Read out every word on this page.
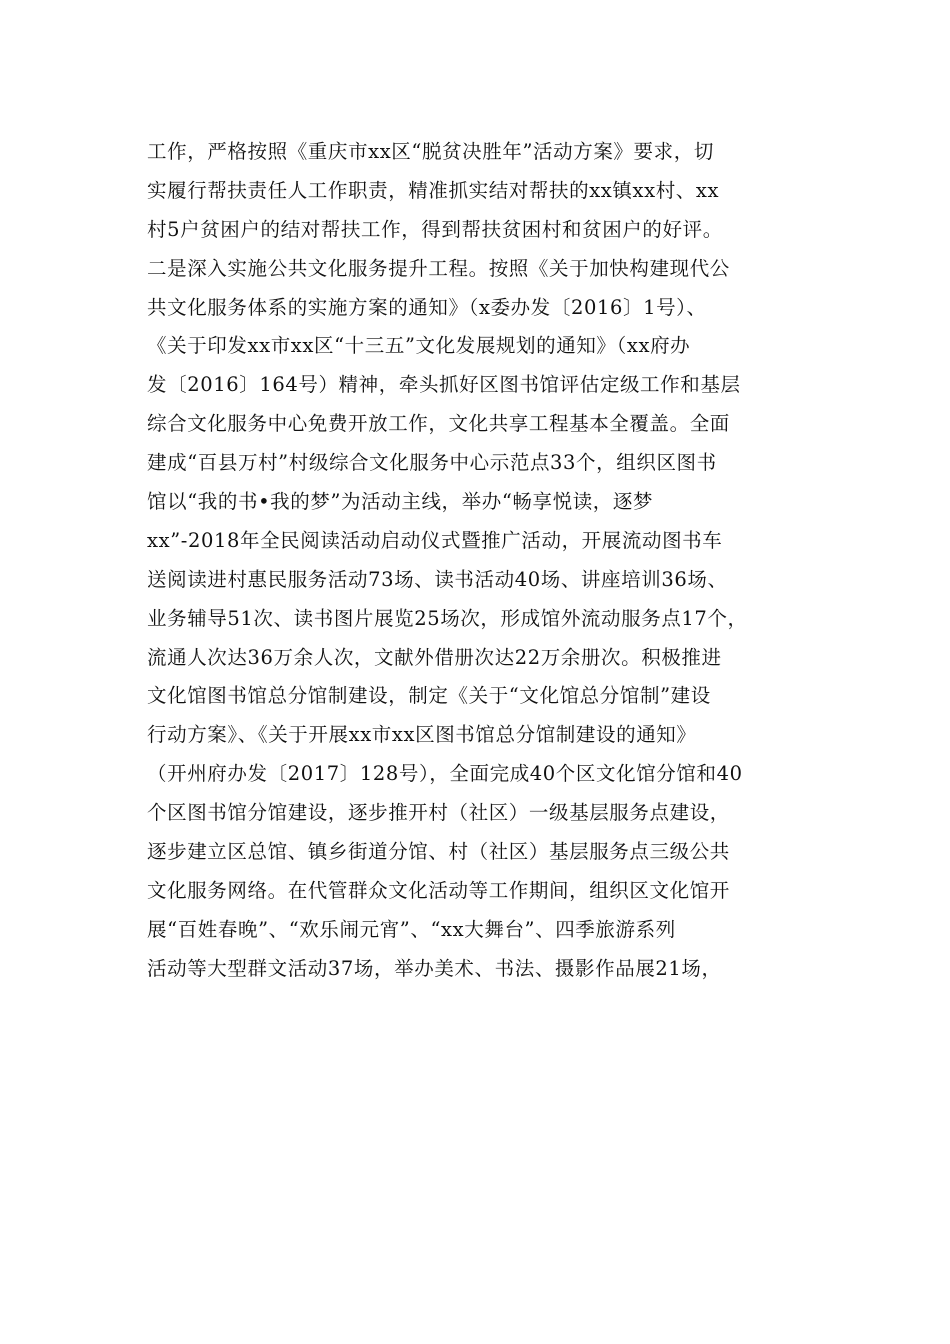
工作，严格按照《重庆市xx区“脱贫决胜年”活动方案》要求，切
实履行帮扶责任人工作职责，精准抓实结对帮扶的xx镇xx村、xx
村5户贫困户的结对帮扶工作，得到帮扶贫困村和贫困户的好评。
二是深入实施公共文化服务提升工程。按照《关于加快构建现代公
共文化服务体系的实施方案的通知》（x委办发〔2016〕1号）、
《关于印发xx市xx区“十三五”文化发展规划的通知》（xx府办
发〔2016〕164号）精神，牵头抓好区图书馆评估定级工作和基层
综合文化服务中心免费开放工作，文化共享工程基本全覆盖。全面
建成“百县万村”村级综合文化服务中心示范点33个，组织区图书
馆以“我的书•我的梦”为活动主线，举办“畅享悦读，逐梦
xx”-2018年全民阅读活动启动仪式暨推广活动，开展流动图书车
送阅读进村惠民服务活动73场、读书活动40场、讲座培训36场、
业务辅导51次、读书图片展览25场次，形成馆外流动服务点17个，
流通人次达36万余人次，文献外借册次达22万余册次。积极推进
文化馆图书馆总分馆制建设，制定《关于“文化馆总分馆制”建设
行动方案》、《关于开展xx市xx区图书馆总分馆制建设的通知》
（开州府办发〔2017〕128号），全面完成40个区文化馆分馆和40
个区图书馆分馆建设，逐步推开村（社区）一级基层服务点建设，
逐步建立区总馆、镇乡街道分馆、村（社区）基层服务点三级公共
文化服务网络。在代管群众文化活动等工作期间，组织区文化馆开
展“百姓春晚”、“欢乐闹元宵”、“xx大舞台”、四季旅游系列
活动等大型群文活动37场，举办美术、书法、摄影作品展21场，
